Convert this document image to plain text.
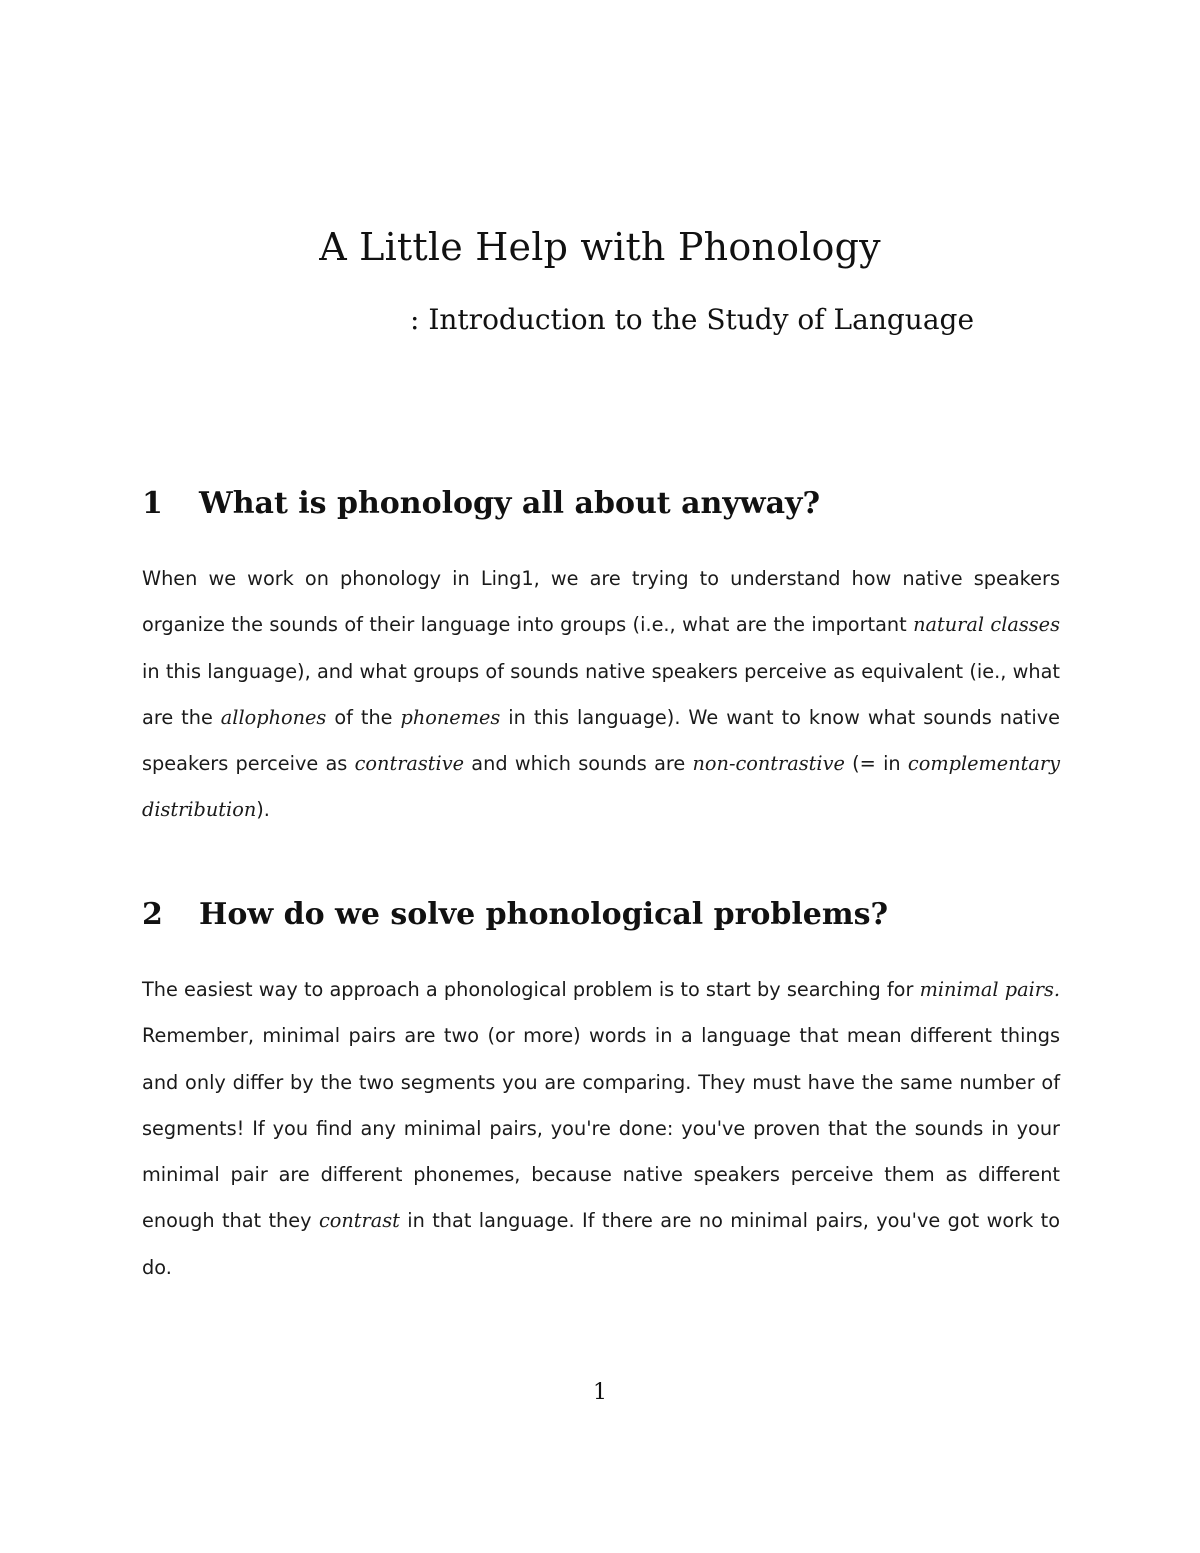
A Little Help with Phonology

: Introduction to the Study of Language

1 What is phonology all about anyway?

When we work on phonology in Ling1, we are trying to understand how native speakers organize the sounds of their language into groups (i.e., what are the important natural classes in this language), and what groups of sounds native speakers perceive as equivalent (ie., what are the allophones of the phonemes in this language). We want to know what sounds native speakers perceive as contrastive and which sounds are non-contrastive (= in complementary distribution).

2 How do we solve phonological problems?

The easiest way to approach a phonological problem is to start by searching for minimal pairs. Remember, minimal pairs are two (or more) words in a language that mean different things and only differ by the two segments you are comparing. They must have the same number of segments! If you find any minimal pairs, you're done: you've proven that the sounds in your minimal pair are different phonemes, because native speakers perceive them as different enough that they contrast in that language. If there are no minimal pairs, you've got work to do.

1
